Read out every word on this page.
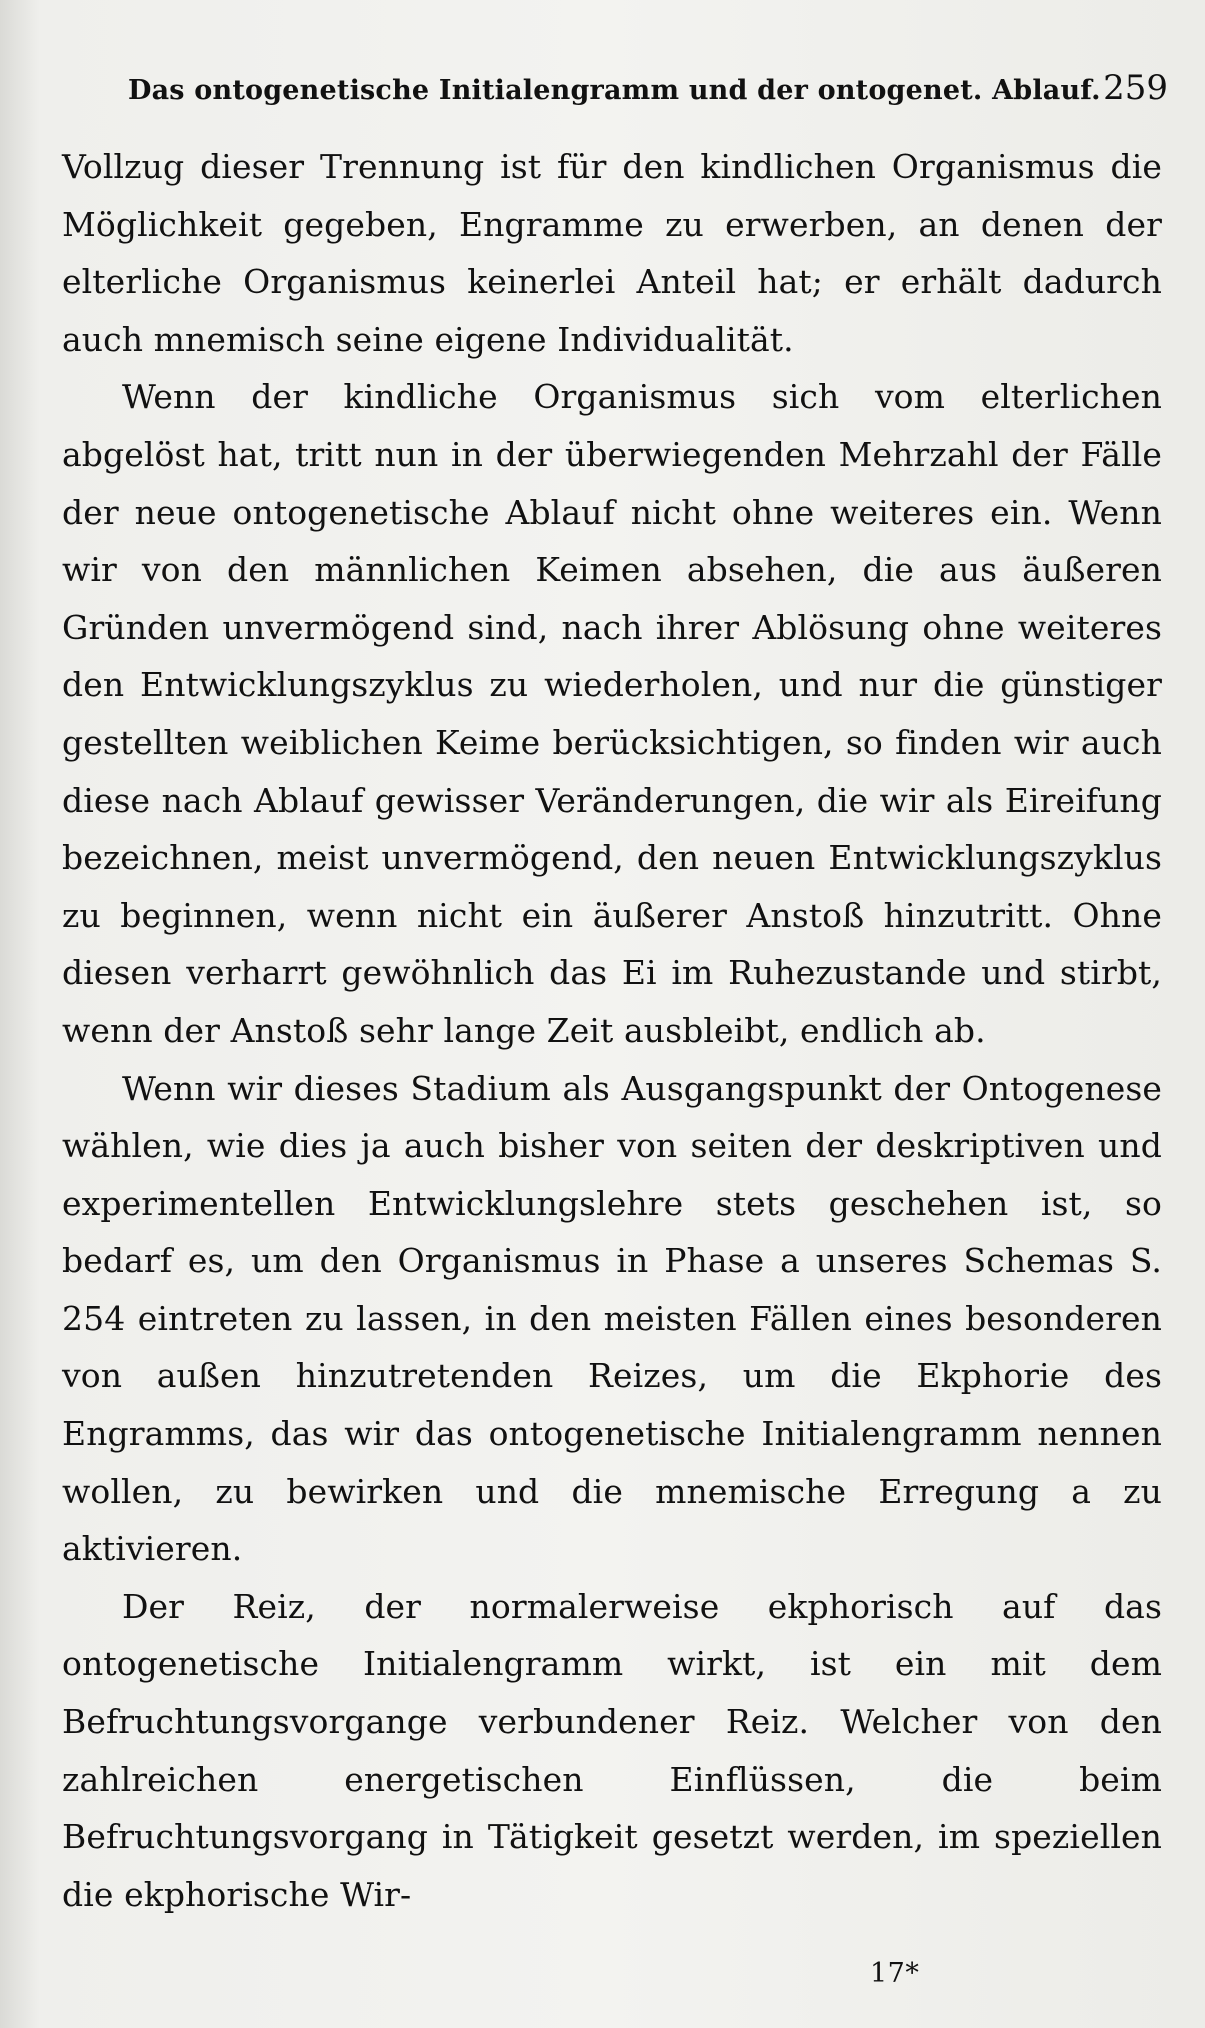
Das ontogenetische Initialengramm und der ontogenet. Ablauf. 259

Vollzug dieser Trennung ist für den kindlichen Organismus die Möglichkeit gegeben, Engramme zu erwerben, an denen der elterliche Organismus keinerlei Anteil hat; er erhält dadurch auch mnemisch seine eigene Individualität.

Wenn der kindliche Organismus sich vom elterlichen abgelöst hat, tritt nun in der überwiegenden Mehrzahl der Fälle der neue ontogenetische Ablauf nicht ohne weiteres ein. Wenn wir von den männlichen Keimen absehen, die aus äußeren Gründen unvermögend sind, nach ihrer Ablösung ohne weiteres den Entwicklungszyklus zu wiederholen, und nur die günstiger gestellten weiblichen Keime berücksichtigen, so finden wir auch diese nach Ablauf gewisser Veränderungen, die wir als Eireifung bezeichnen, meist unvermögend, den neuen Entwicklungszyklus zu beginnen, wenn nicht ein äußerer Anstoß hinzutritt. Ohne diesen verharrt gewöhnlich das Ei im Ruhezustande und stirbt, wenn der Anstoß sehr lange Zeit ausbleibt, endlich ab.

Wenn wir dieses Stadium als Ausgangspunkt der Ontogenese wählen, wie dies ja auch bisher von seiten der deskriptiven und experimentellen Entwicklungslehre stets geschehen ist, so bedarf es, um den Organismus in Phase a unseres Schemas S. 254 eintreten zu lassen, in den meisten Fällen eines besonderen von außen hinzutretenden Reizes, um die Ekphorie des Engramms, das wir das ontogenetische Initialengramm nennen wollen, zu bewirken und die mnemische Erregung a zu aktivieren.

Der Reiz, der normalerweise ekphorisch auf das ontogenetische Initialengramm wirkt, ist ein mit dem Befruchtungsvorgange verbundener Reiz. Welcher von den zahlreichen energetischen Einflüssen, die beim Befruchtungsvorgang in Tätigkeit gesetzt werden, im speziellen die ekphorische Wir-

17*
